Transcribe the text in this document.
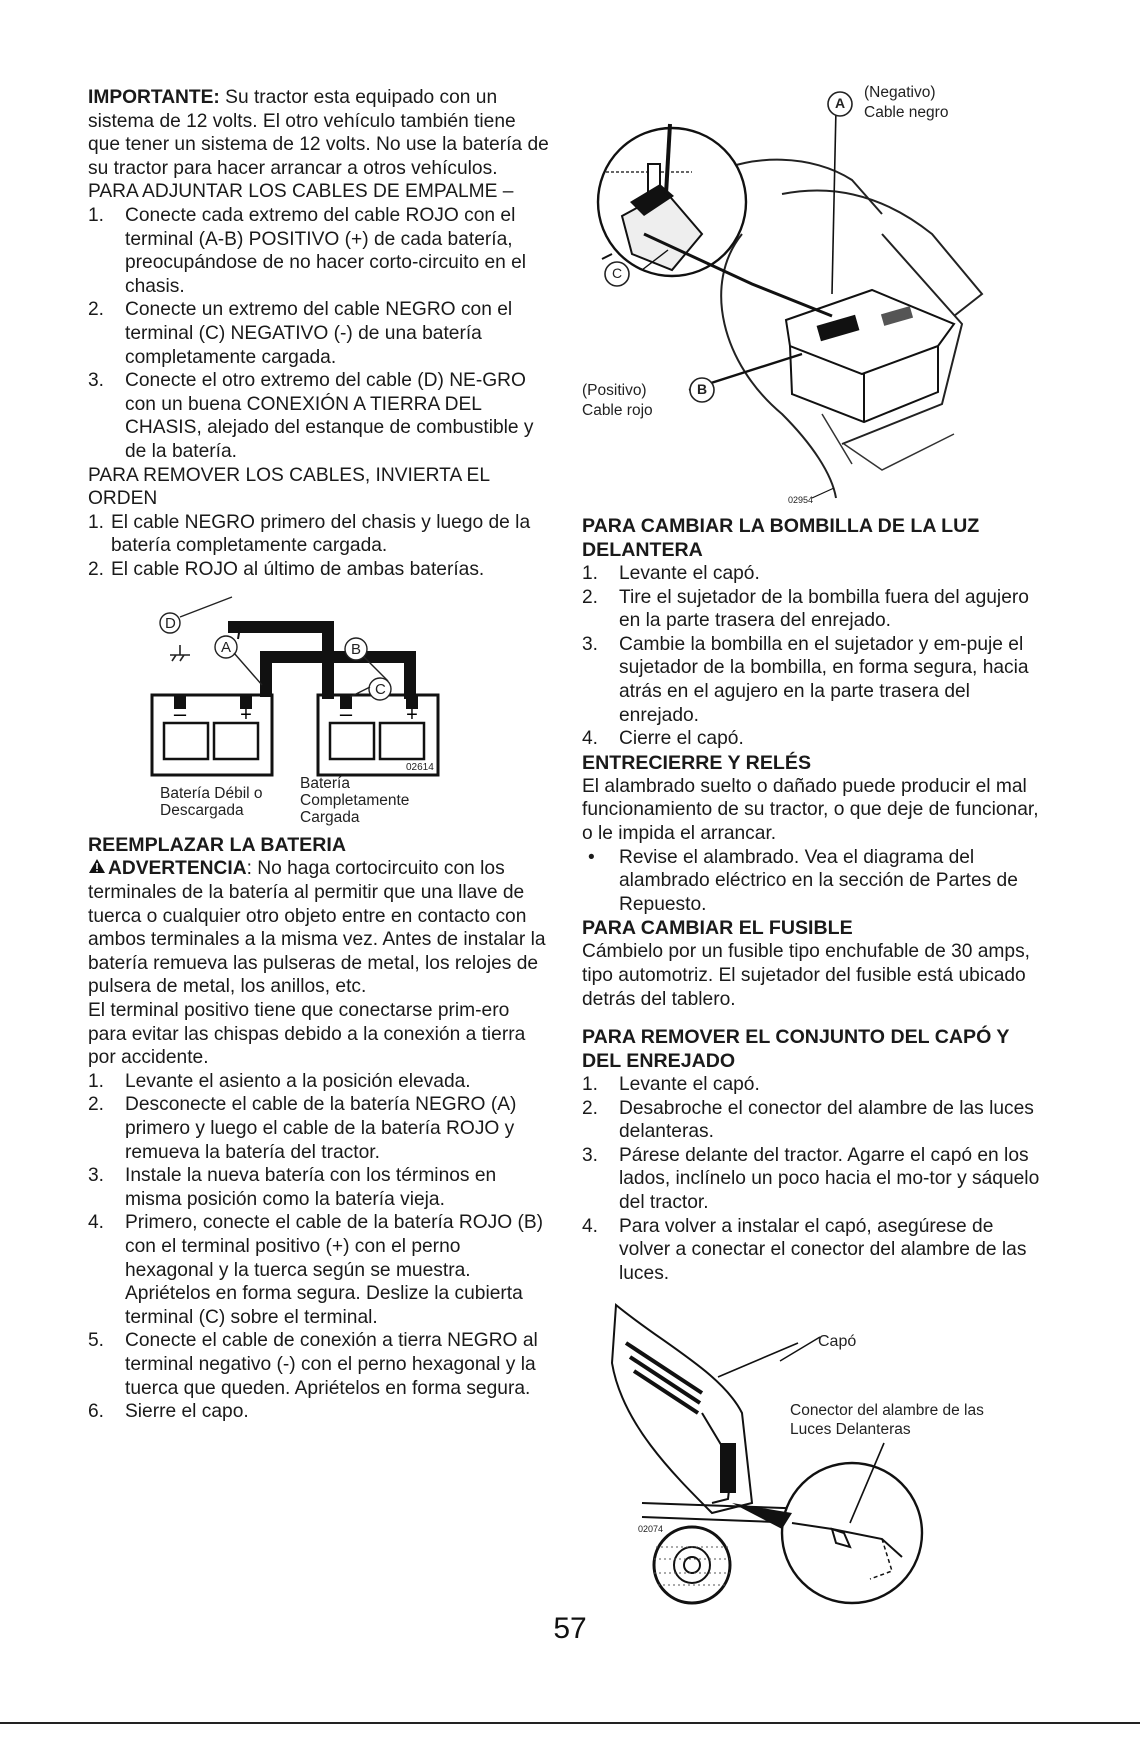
IMPORTANTE: Su tractor esta equipado con un sistema de 12 volts. El otro vehículo también tiene que tener un sistema de 12 volts. No use la batería de su tractor para hacer arrancar a otros vehículos.

PARA ADJUNTAR LOS CABLES DE EMPALME –

1. Conecte cada extremo del cable ROJO con el terminal (A-B) POSITIVO (+) de cada batería, preocupándose de no hacer corto-circuito en el chasis.
2. Conecte un extremo del cable NEGRO con el terminal (C) NEGATIVO (-) de una batería completamente cargada.
3. Conecte el otro extremo del cable (D) NE-GRO con un buena CONEXIÓN A TIERRA DEL CHASIS, alejado del estanque de combustible y de la batería.

PARA REMOVER LOS CABLES, INVIERTA EL ORDEN

1. El cable NEGRO primero del chasis y luego de la batería completamente cargada.
2. El cable ROJO al último de ambas baterías.
–	+	–	+
D
A	B
C
02614
Batería Débil o Descargada
Batería Completamente Cargada
REEMPLAZAR LA BATERIA

ADVERTENCIA: No haga cortocircuito con los terminales de la batería al permitir que una llave de tuerca o cualquier otro objeto entre en contacto con ambos terminales a la misma vez. Antes de instalar la batería remueva las pulseras de metal, los relojes de pulsera de metal, los anillos, etc.

El terminal positivo tiene que conectarse prim-ero para evitar las chispas debido a la conexión a tierra por accidente.

1. Levante el asiento a la posición elevada.
2. Desconecte el cable de la batería NEGRO (A) primero y luego el cable de la batería ROJO y remueva la batería del tractor.
3. Instale la nueva batería con los términos en misma posición como la batería vieja.
4. Primero, conecte el cable de la batería ROJO (B) con el terminal positivo (+) con el perno hexagonal y la tuerca según se muestra. Apriételos en forma segura. Deslize la cubierta terminal (C) sobre el terminal.
5. Conecte el cable de conexión a tierra NEGRO al terminal negativo (-) con el perno hexagonal y la tuerca que queden. Apriételos en forma segura.
6. Sierre el capo.
A
(Negativo)
Cable negro
C
(Positivo)
Cable rojo
B
02954
PARA CAMBIAR LA BOMBILLA DE LA LUZ DELANTERA
1. Levante el capó.
2. Tire el sujetador de la bombilla fuera del agujero en la parte trasera del enrejado.
3. Cambie la bombilla en el sujetador y em-puje el sujetador de la bombilla, en forma segura, hacia atrás en el agujero en la parte trasera del enrejado.
4. Cierre el capó.
ENTRECIERRE Y RELÉS

El alambrado suelto o dañado puede producir el mal funcionamiento de su tractor, o que deje de funcionar, o le impida el arrancar.

• Revise el alambrado. Vea el diagrama del alambrado eléctrico en la sección de Partes de Repuesto.
PARA CAMBIAR EL FUSIBLE

Cámbielo por un fusible tipo enchufable de 30 amps, tipo automotriz. El sujetador del fusible está ubicado detrás del tablero.

PARA REMOVER EL CONJUNTO DEL CAPÓ Y DEL ENREJADO
1. Levante el capó.
2. Desabroche el conector del alambre de las luces delanteras.
3. Párese delante del tractor. Agarre el capó en los lados, inclínelo un poco hacia el mo-tor y sáquelo del tractor.
4. Para volver a instalar el capó, asegúrese de volver a conectar el conector del alambre de las luces.
Capó
Conector del alambre de las Luces Delanteras
02074
57
